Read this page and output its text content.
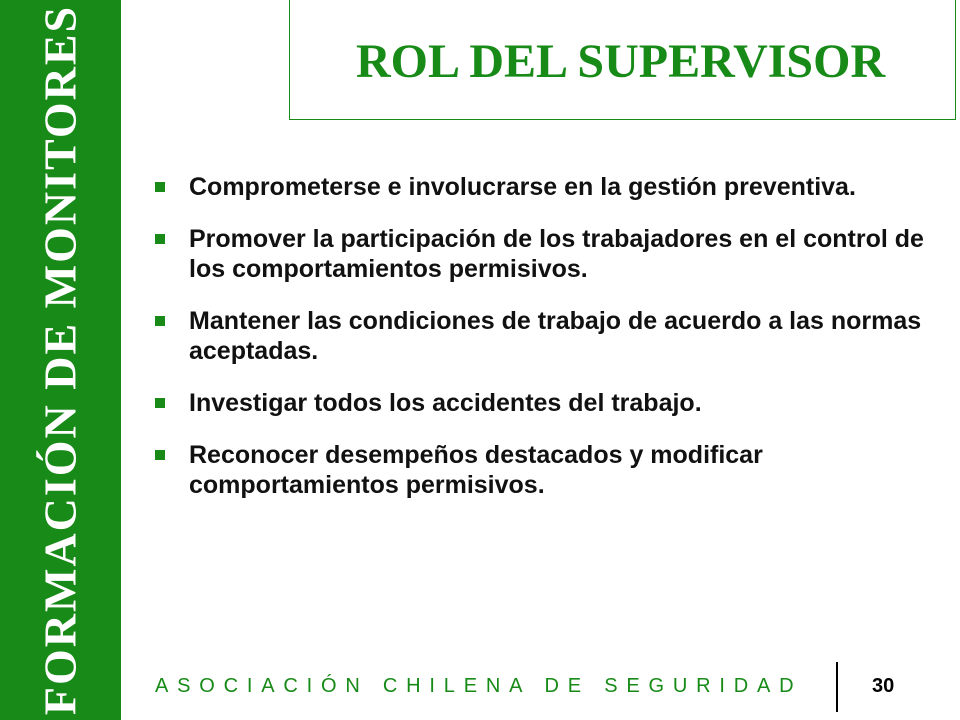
FORMACIÓN DE MONITORES	ROL DEL SUPERVISOR
Comprometerse e involucrarse en la gestión preventiva.
Promover la participación de los trabajadores en el control de los comportamientos permisivos.
Mantener las condiciones de trabajo de acuerdo a las normas aceptadas.
Investigar todos los accidentes del trabajo.
Reconocer desempeños destacados y modificar comportamientos permisivos.
ASOCIACIÓN CHILENA DE SEGURIDAD	30
